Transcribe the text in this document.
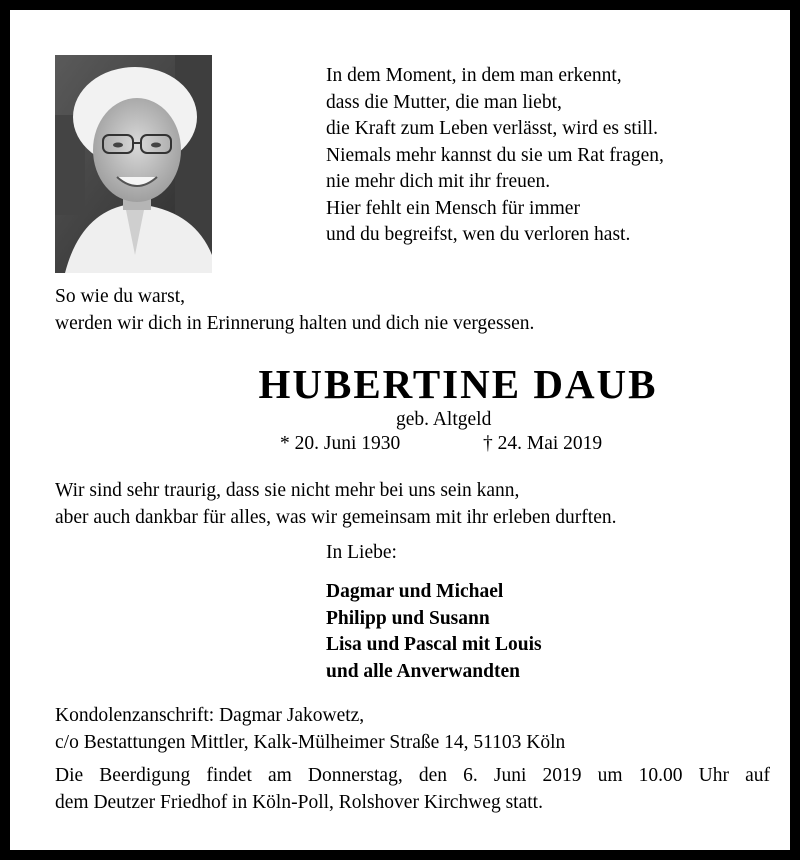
In dem Moment, in dem man erkennt,
dass die Mutter, die man liebt,
die Kraft zum Leben verlässt, wird es still.
Niemals mehr kannst du sie um Rat fragen,
nie mehr dich mit ihr freuen.
Hier fehlt ein Mensch für immer
und du begreifst, wen du verloren hast.
So wie du warst,
werden wir dich in Erinnerung halten und dich nie vergessen.
HUBERTINE DAUB
geb. Altgeld
* 20. Juni 1930	† 24. Mai 2019
Wir sind sehr traurig, dass sie nicht mehr bei uns sein kann,
aber auch dankbar für alles, was wir gemeinsam mit ihr erleben durften.
In Liebe:
Dagmar und Michael
Philipp und Susann
Lisa und Pascal mit Louis
und alle Anverwandten
Kondolenzanschrift: Dagmar Jakowetz,
c/o Bestattungen Mittler, Kalk-Mülheimer Straße 14, 51103 Köln
Die Beerdigung findet am Donnerstag, den 6. Juni 2019 um 10.00 Uhr auf
dem Deutzer Friedhof in Köln-Poll, Rolshover Kirchweg statt.
